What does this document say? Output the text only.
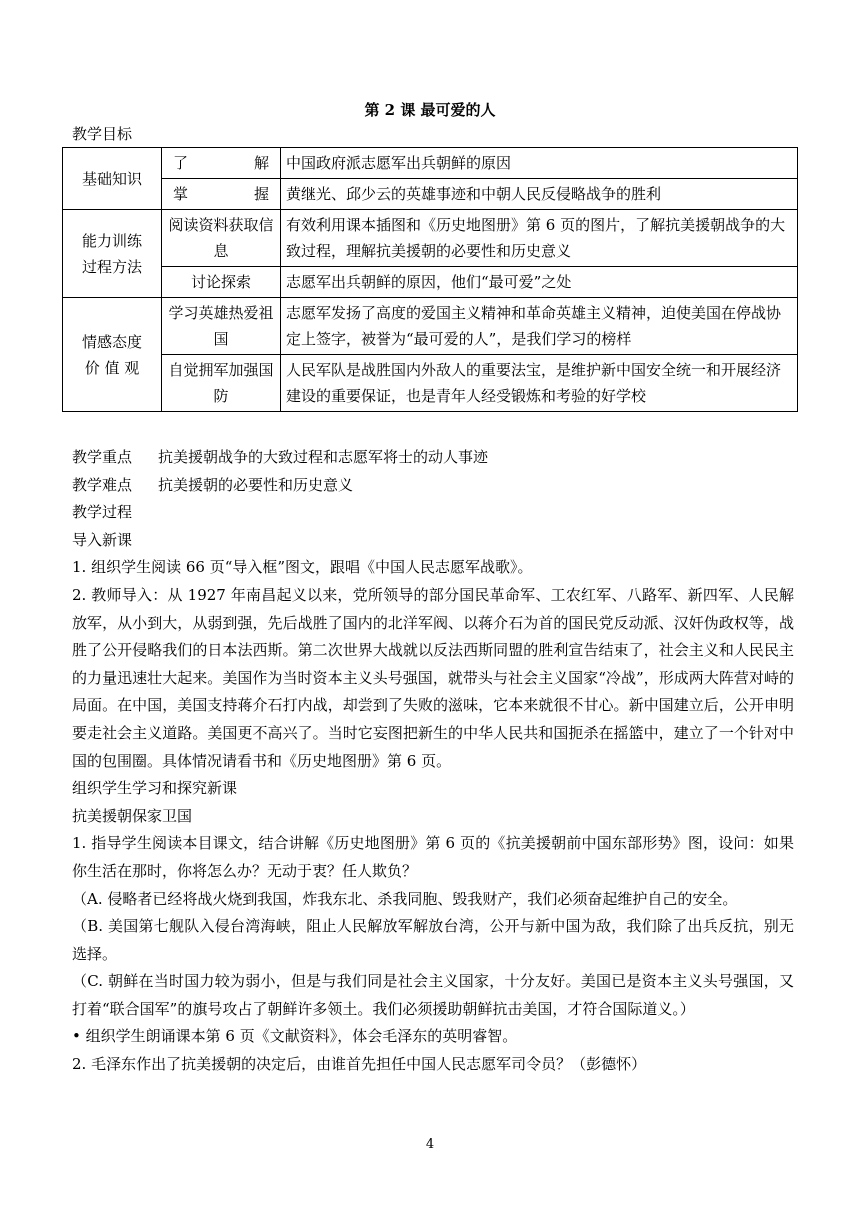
第 2 课 最可爱的人
教学目标
基础知识	了 解	中国政府派志愿军出兵朝鲜的原因

	掌 握	黄继光、邱少云的英雄事迹和中朝人民反侵略战争的胜利

能力训练
过程方法	阅读资料获取信息	有效利用课本插图和《历史地图册》第 6 页的图片，了解抗美援朝战争的大致过程，理解抗美援朝的必要性和历史意义
	讨论探索	志愿军出兵朝鲜的原因，他们“最可爱”之处

情感态度
价 值 观	学习英雄热爱祖国	志愿军发扬了高度的爱国主义精神和革命英雄主义精神，迫使美国在停战协定上签字，被誉为“最可爱的人”，是我们学习的榜样
	自觉拥军加强国防	人民军队是战胜国内外敌人的重要法宝，是维护新中国安全统一和开展经济建设的重要保证，也是青年人经受锻炼和考验的好学校

教学重点 抗美援朝战争的大致过程和志愿军将士的动人事迹

教学难点 抗美援朝的必要性和历史意义

教学过程

导入新课

1. 组织学生阅读 66 页“导入框”图文，跟唱《中国人民志愿军战歌》。

2. 教师导入：从 1927 年南昌起义以来，党所领导的部分国民革命军、工农红军、八路军、新四军、人民解放军，从小到大，从弱到强，先后战胜了国内的北洋军阀、以蒋介石为首的国民党反动派、汉奸伪政权等，战胜了公开侵略我们的日本法西斯。第二次世界大战就以反法西斯同盟的胜利宣告结束了，社会主义和人民民主的力量迅速壮大起来。美国作为当时资本主义头号强国，就带头与社会主义国家“冷战”，形成两大阵营对峙的局面。在中国，美国支持蒋介石打内战，却尝到了失败的滋味，它本来就很不甘心。新中国建立后，公开申明要走社会主义道路。美国更不高兴了。当时它妄图把新生的中华人民共和国扼杀在摇篮中，建立了一个针对中国的包围圈。具体情况请看书和《历史地图册》第 6 页。

组织学生学习和探究新课

抗美援朝保家卫国

1. 指导学生阅读本目课文，结合讲解《历史地图册》第 6 页的《抗美援朝前中国东部形势》图，设问：如果你生活在那时，你将怎么办？无动于衷？任人欺负？

（A. 侵略者已经将战火烧到我国，炸我东北、杀我同胞、毁我财产，我们必须奋起维护自己的安全。

（B. 美国第七舰队入侵台湾海峡，阻止人民解放军解放台湾，公开与新中国为敌，我们除了出兵反抗，别无选择。

（C. 朝鲜在当时国力较为弱小，但是与我们同是社会主义国家，十分友好。美国已是资本主义头号强国，又打着“联合国军”的旗号攻占了朝鲜许多领土。我们必须援助朝鲜抗击美国，才符合国际道义。）

• 组织学生朗诵课本第 6 页《文献资料》，体会毛泽东的英明睿智。

2. 毛泽东作出了抗美援朝的决定后，由谁首先担任中国人民志愿军司令员？（彭德怀）

4
